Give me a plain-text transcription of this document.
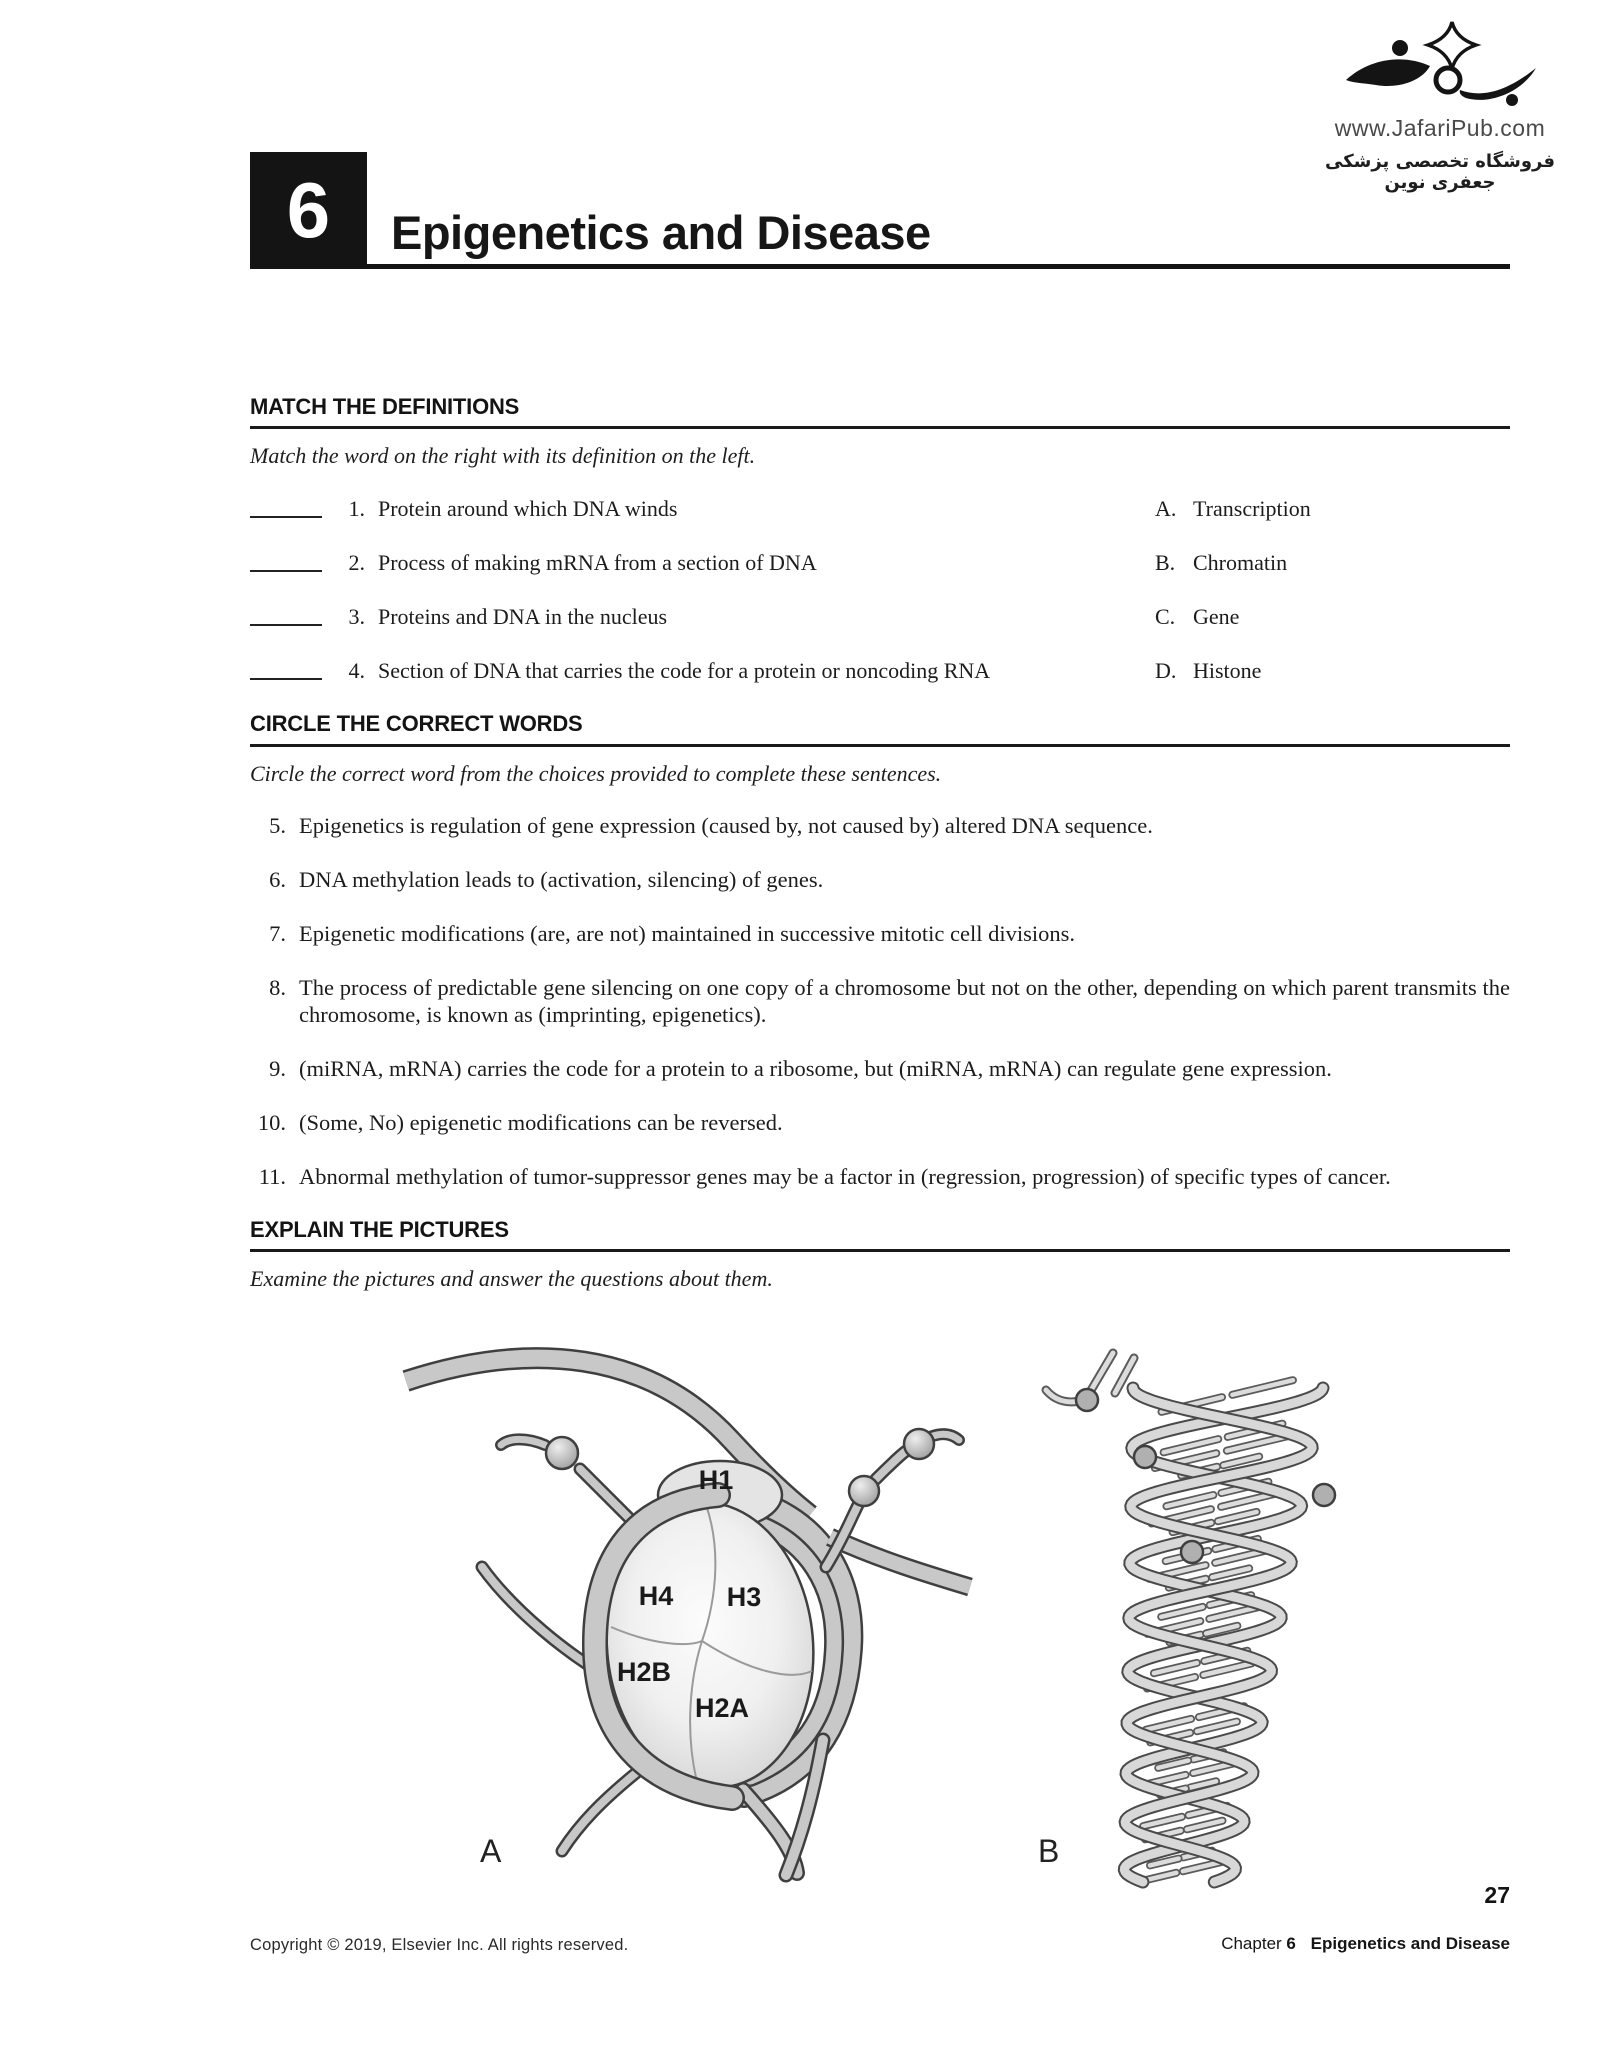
www.JafariPub.com
فروشگاه تخصصی پزشکی جعفری نوین
6 Epigenetics and Disease
MATCH THE DEFINITIONS

Match the word on the right with its definition on the left.

1. Protein around which DNA winds	A. Transcription
2. Process of making mRNA from a section of DNA	B. Chromatin
3. Proteins and DNA in the nucleus	C. Gene
4. Section of DNA that carries the code for a protein or noncoding RNA	D. Histone
CIRCLE THE CORRECT WORDS

Circle the correct word from the choices provided to complete these sentences.

5. Epigenetics is regulation of gene expression (caused by, not caused by) altered DNA sequence.

6. DNA methylation leads to (activation, silencing) of genes.

7. Epigenetic modifications (are, are not) maintained in successive mitotic cell divisions.

8. The process of predictable gene silencing on one copy of a chromosome but not on the other, depending on which parent transmits the chromosome, is known as (imprinting, epigenetics).

9. (miRNA, mRNA) carries the code for a protein to a ribosome, but (miRNA, mRNA) can regulate gene expression.

10. (Some, No) epigenetic modifications can be reversed.

11. Abnormal methylation of tumor-suppressor genes may be a factor in (regression, progression) of specific types of cancer.

EXPLAIN THE PICTURES

Examine the pictures and answer the questions about them.

H1
H4 H3
H2B
H2A
A	B
27
Copyright © 2019, Elsevier Inc. All rights reserved.	Chapter 6 Epigenetics and Disease
